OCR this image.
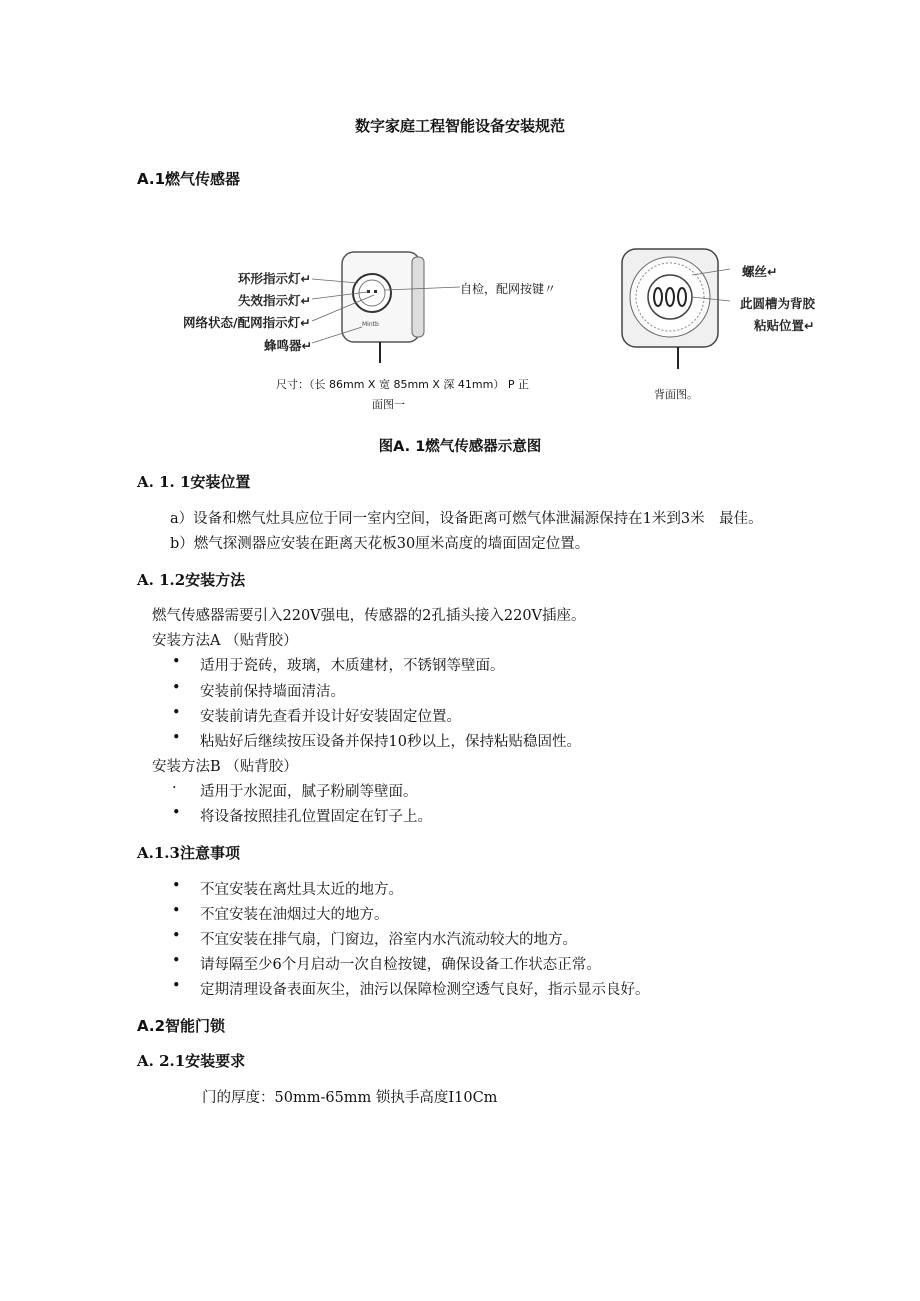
数字家庭工程智能设备安装规范
A.1燃气传感器
Mintb
环形指示灯↵
失效指示灯↵
网络状态/配网指示灯↵
蜂鸣器↵
自检，配网按键〃
尺寸：（长 86mm X 宽 85mm X 深 41mm） P 正
面图一
螺丝↵
此圆槽为背胶
粘贴位置↵
背面图。
图A. 1燃气传感器示意图
A. 1. 1安装位置
a）设备和燃气灶具应位于同一室内空间，设备距离可燃气体泄漏源保持在1米到3米　最佳。
b）燃气探测器应安装在距离天花板30厘米高度的墙面固定位置。
A. 1.2安装方法
燃气传感器需要引入220V强电，传感器的2孔插头接入220V插座。
安装方法A （贴背胶）
• 适用于瓷砖，玻璃，木质建材，不锈钢等壁面。
• 安装前保持墙面清洁。
• 安装前请先查看并设计好安装固定位置。
• 粘贴好后继续按压设备并保持10秒以上，保持粘贴稳固性。
安装方法B （贴背胶）
· 适用于水泥面，腻子粉刷等壁面。
• 将设备按照挂孔位置固定在钉子上。
A.1.3注意事项
• 不宜安装在离灶具太近的地方。
• 不宜安装在油烟过大的地方。
• 不宜安装在排气扇，门窗边，浴室内水汽流动较大的地方。
• 请每隔至少6个月启动一次自检按键，确保设备工作状态正常。
• 定期清理设备表面灰尘，油污以保障检测空透气良好，指示显示良好。
A.2智能门锁
A. 2.1安装要求
门的厚度：50mm-65mm 锁执手高度I10Cm
